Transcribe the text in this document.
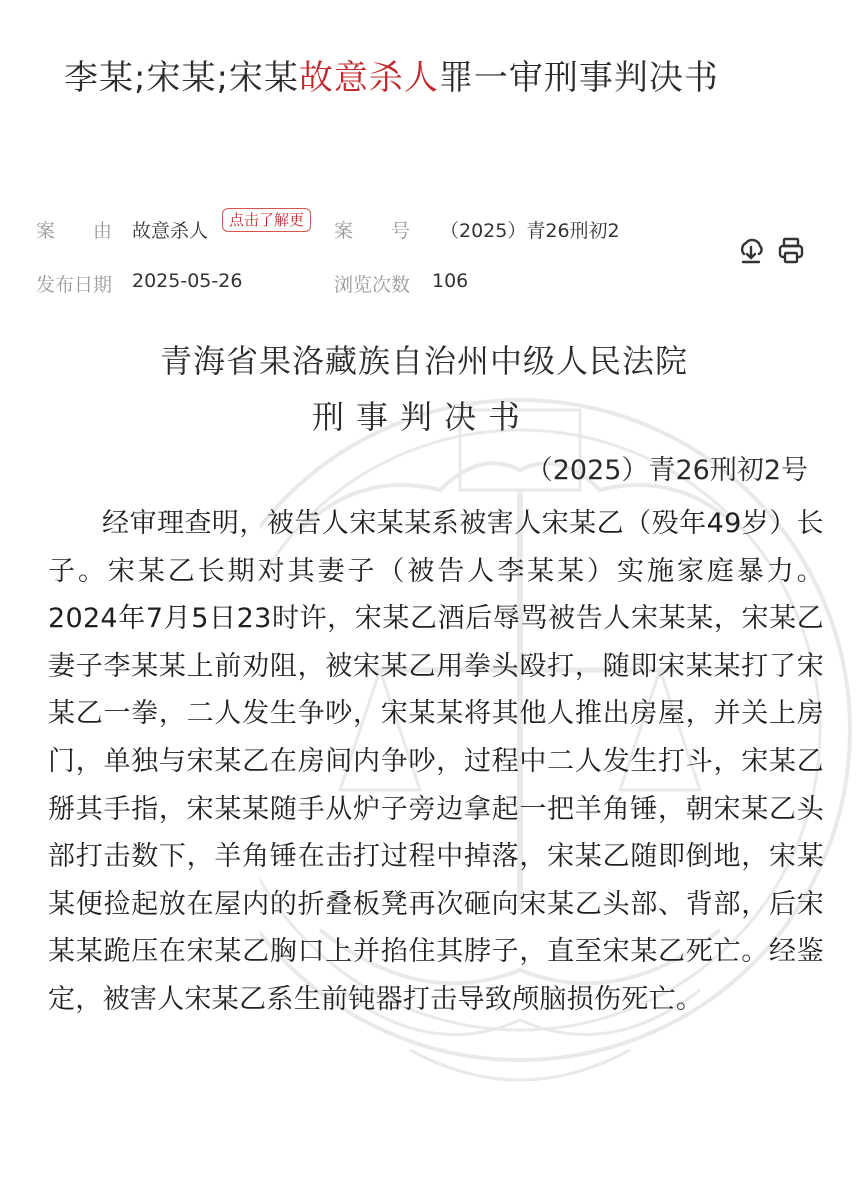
李某;宋某;宋某故意杀人罪一审刑事判决书
案　　由 故意杀人	点击了解更	案　　号 （2025）青26刑初2
发布日期 2025-05-26	浏览次数 106
青海省果洛藏族自治州中级人民法院
刑事判决书
（2025）青26刑初2号
经审理查明，被告人宋某某系被害人宋某乙（殁年49岁）长子。宋某乙长期对其妻子（被告人李某某）实施家庭暴力。2024年7月5日23时许，宋某乙酒后辱骂被告人宋某某，宋某乙妻子李某某上前劝阻，被宋某乙用拳头殴打，随即宋某某打了宋某乙一拳，二人发生争吵，宋某某将其他人推出房屋，并关上房门，单独与宋某乙在房间内争吵，过程中二人发生打斗，宋某乙掰其手指，宋某某随手从炉子旁边拿起一把羊角锤，朝宋某乙头部打击数下，羊角锤在击打过程中掉落，宋某乙随即倒地，宋某某便捡起放在屋内的折叠板凳再次砸向宋某乙头部、背部，后宋某某跪压在宋某乙胸口上并掐住其脖子，直至宋某乙死亡。经鉴定，被害人宋某乙系生前钝器打击导致颅脑损伤死亡。
